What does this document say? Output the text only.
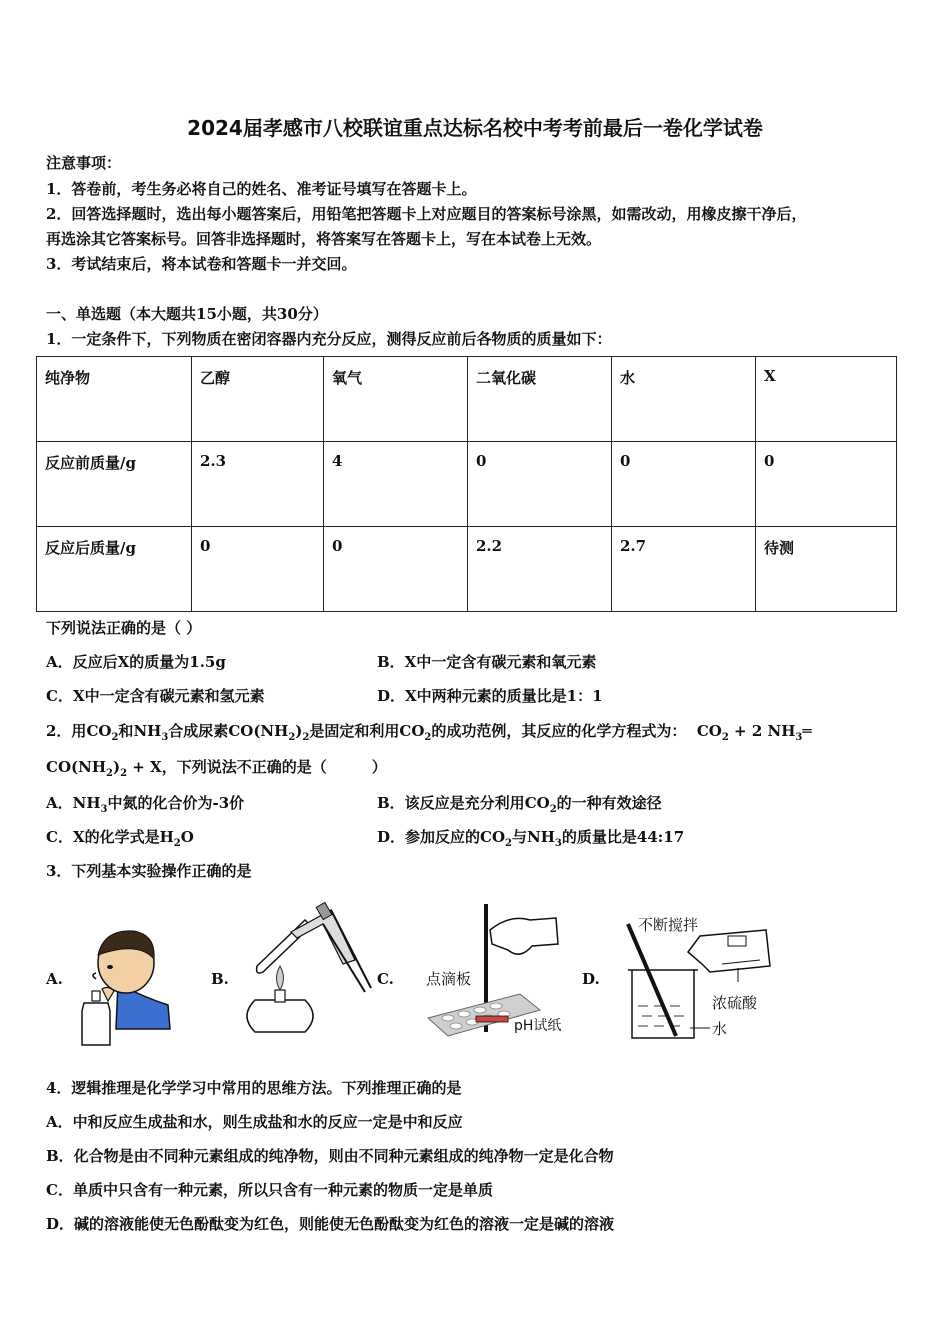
2024届孝感市八校联谊重点达标名校中考考前最后一卷化学试卷
注意事项：
1．答卷前，考生务必将自己的姓名、准考证号填写在答题卡上。
2．回答选择题时，选出每小题答案后，用铅笔把答题卡上对应题目的答案标号涂黑，如需改动，用橡皮擦干净后，
再选涂其它答案标号。回答非选择题时，将答案写在答题卡上，写在本试卷上无效。
3．考试结束后，将本试卷和答题卡一并交回。
一、单选题（本大题共15小题，共30分）
1．一定条件下，下列物质在密闭容器内充分反应，测得反应前后各物质的质量如下：
纯净物	乙醇	氧气	二氧化碳	水	X
反应前质量/g	2.3	4	0	0	0
反应后质量/g	0	0	2.2	2.7	待测
下列说法正确的是（ ）
A．反应后X的质量为1.5g	B．X中一定含有碳元素和氧元素
C．X中一定含有碳元素和氢元素	D．X中两种元素的质量比是1：1
2．用$CO_2$和$NH_3$合成尿素$CO(NH_2)_2$是固定和利用$CO_2$的成功范例，其反应的化学方程式为： $CO_2 + 2$ $NH_3═$
$CO(NH_2)_2 + X$，下列说法不正确的是（　　　）
A．$NH_3$中氮的化合价为-3价	B．该反应是充分利用$CO_2$的一种有效途径
C．X的化学式是$H_2O$	D．参加反应的$CO_2$与$NH_3$的质量比是44:17
3．下列基本实验操作正确的是
A.	B.	C.	D.
点滴板
pH试纸
不断搅拌
浓硫酸
水
4．逻辑推理是化学学习中常用的思维方法。下列推理正确的是
A．中和反应生成盐和水，则生成盐和水的反应一定是中和反应
B．化合物是由不同种元素组成的纯净物，则由不同种元素组成的纯净物一定是化合物
C．单质中只含有一种元素，所以只含有一种元素的物质一定是单质
D．碱的溶液能使无色酚酞变为红色，则能使无色酚酞变为红色的溶液一定是碱的溶液
